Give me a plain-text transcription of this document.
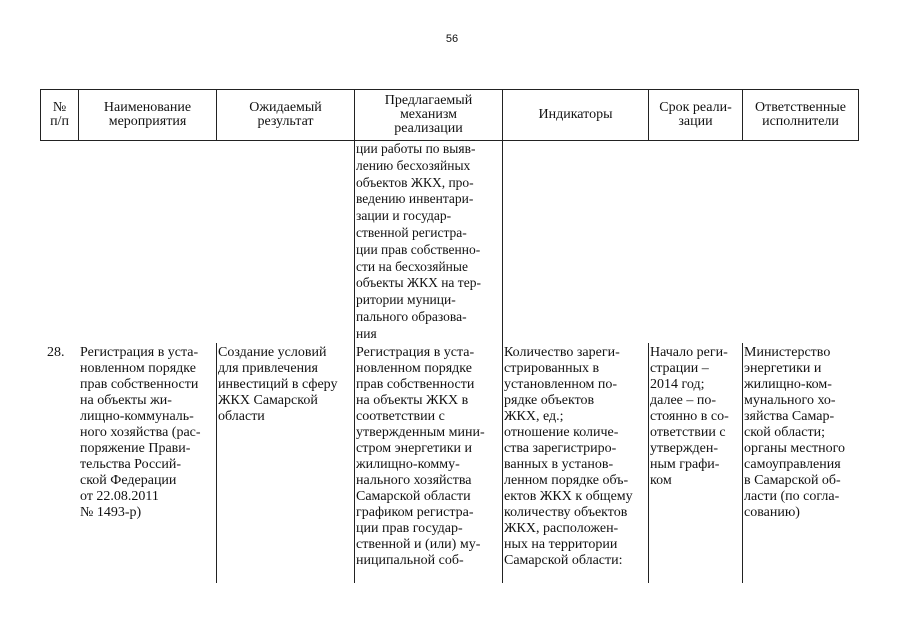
56
№
п/п
Наименование
мероприятия
Ожидаемый
результат
Предлагаемый
механизм
реализации
Индикаторы	Срок реали-
зации
Ответственные
исполнители
ции работы по выяв-
лению бесхозяйных
объектов ЖКХ, про-
ведению инвентари-
зации и государ-
ственной регистра-
ции прав собственно-
сти на бесхозяйные
объекты ЖКХ на тер-
ритории муници-
пального образова-
ния
28. Регистрация в уста-
новленном порядке
прав собственности
на объекты жи-
лищно-коммуналь-
ного хозяйства (рас-
поряжение Прави-
тельства Россий-
ской Федерации
от 22.08.2011
№ 1493-р)
Создание условий
для привлечения
инвестиций в сферу
ЖКХ Самарской
области
Регистрация в уста-
новленном порядке
прав собственности
на объекты ЖКХ в
соответствии с
утвержденным мини-
стром энергетики и
жилищно-комму-
нального хозяйства
Самарской области
графиком регистра-
ции прав государ-
ственной и (или) му-
ниципальной соб-
Количество зареги-
стрированных в
установленном по-
рядке объектов
ЖКХ, ед.;
отношение количе-
ства зарегистриро-
ванных в установ-
ленном порядке объ-
ектов ЖКХ к общему
количеству объектов
ЖКХ, расположен-
ных на территории
Самарской области:
Начало реги-
страции –
2014 год;
далее – по-
стоянно в со-
ответствии с
утвержден-
ным графи-
ком
Министерство
энергетики и
жилищно-ком-
мунального хо-
зяйства Самар-
ской области;
органы местного
самоуправления
в Самарской об-
ласти (по согла-
сованию)
